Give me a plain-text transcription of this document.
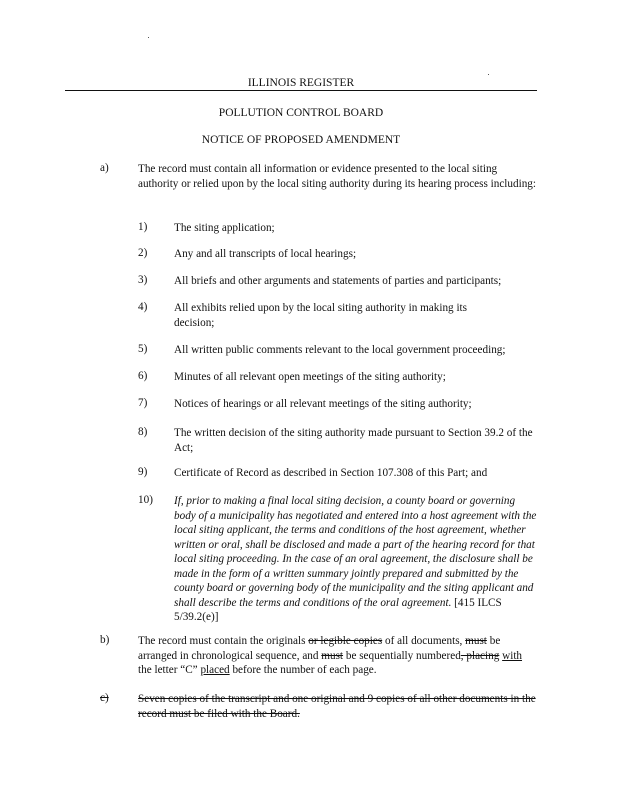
ILLINOIS REGISTER
POLLUTION CONTROL BOARD
NOTICE OF PROPOSED AMENDMENT
a)	The record must contain all information or evidence presented to the local siting authority or relied upon by the local siting authority during its hearing process including:
1)	The siting application;
2)	Any and all transcripts of local hearings;
3)	All briefs and other arguments and statements of parties and participants;
4)	All exhibits relied upon by the local siting authority in making its decision;
5)	All written public comments relevant to the local government proceeding;
6)	Minutes of all relevant open meetings of the siting authority;
7)	Notices of hearings or all relevant meetings of the siting authority;
8)	The written decision of the siting authority made pursuant to Section 39.2 of the Act;
9)	Certificate of Record as described in Section 107.308 of this Part; and
10)	If, prior to making a final local siting decision, a county board or governing body of a municipality has negotiated and entered into a host agreement with the local siting applicant, the terms and conditions of the host agreement, whether written or oral, shall be disclosed and made a part of the hearing record for that local siting proceeding. In the case of an oral agreement, the disclosure shall be made in the form of a written summary jointly prepared and submitted by the county board or governing body of the municipality and the siting applicant and shall describe the terms and conditions of the oral agreement. [415 ILCS 5/39.2(e)]
b)	The record must contain the originals or legible copies of all documents, must be arranged in chronological sequence, and must be sequentially numbered, placing with the letter “C” placed before the number of each page.
c)	Seven copies of the transcript and one original and 9 copies of all other documents in the record must be filed with the Board.
